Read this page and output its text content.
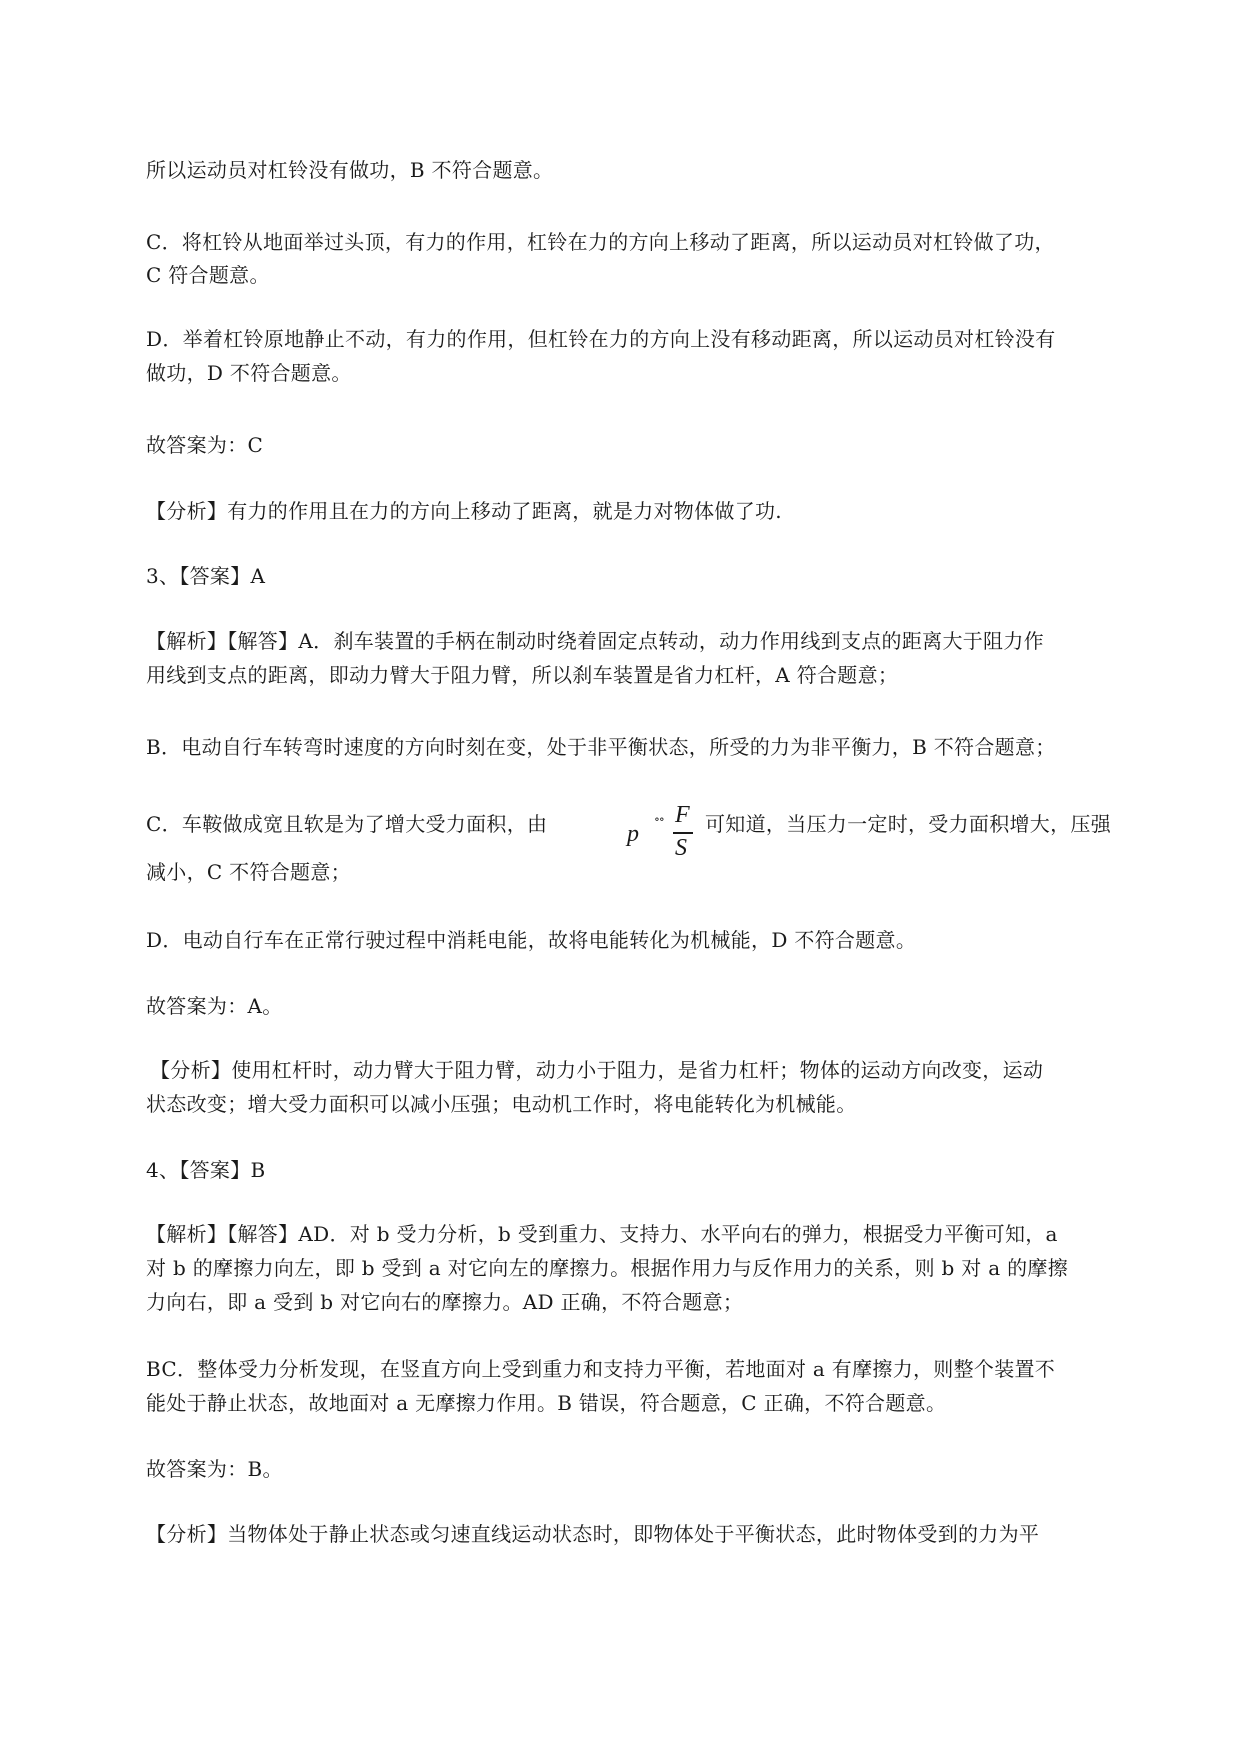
所以运动员对杠铃没有做功，B 不符合题意。
C．将杠铃从地面举过头顶，有力的作用，杠铃在力的方向上移动了距离，所以运动员对杠铃做了功，
C 符合题意。
D．举着杠铃原地静止不动，有力的作用，但杠铃在力的方向上没有移动距离，所以运动员对杠铃没有
做功，D 不符合题意。
故答案为：C
【分析】有力的作用且在力的方向上移动了距离，就是力对物体做了功.
3、【答案】A
【解析】【解答】A．刹车装置的手柄在制动时绕着固定点转动，动力作用线到支点的距离大于阻力作
用线到支点的距离，即动力臂大于阻力臂，所以刹车装置是省力杠杆，A 符合题意；
B．电动自行车转弯时速度的方向时刻在变，处于非平衡状态，所受的力为非平衡力，B 不符合题意；
C．车鞍做成宽且软是为了增大受力面积，由	p
∘∘ F
S
可知道，当压力一定时，受力面积增大，压强
减小，C 不符合题意；
D．电动自行车在正常行驶过程中消耗电能，故将电能转化为机械能，D 不符合题意。
故答案为：A。
【分析】使用杠杆时，动力臂大于阻力臂，动力小于阻力，是省力杠杆；物体的运动方向改变，运动
状态改变；增大受力面积可以减小压强；电动机工作时，将电能转化为机械能。
4、【答案】B
【解析】【解答】AD．对 b 受力分析，b 受到重力、支持力、水平向右的弹力，根据受力平衡可知，a
对 b 的摩擦力向左，即 b 受到 a 对它向左的摩擦力。根据作用力与反作用力的关系，则 b 对 a 的摩擦
力向右，即 a 受到 b 对它向右的摩擦力。AD 正确，不符合题意；
BC．整体受力分析发现，在竖直方向上受到重力和支持力平衡，若地面对 a 有摩擦力，则整个装置不
能处于静止状态，故地面对 a 无摩擦力作用。B 错误，符合题意，C 正确，不符合题意。
故答案为：B。
【分析】当物体处于静止状态或匀速直线运动状态时，即物体处于平衡状态，此时物体受到的力为平
